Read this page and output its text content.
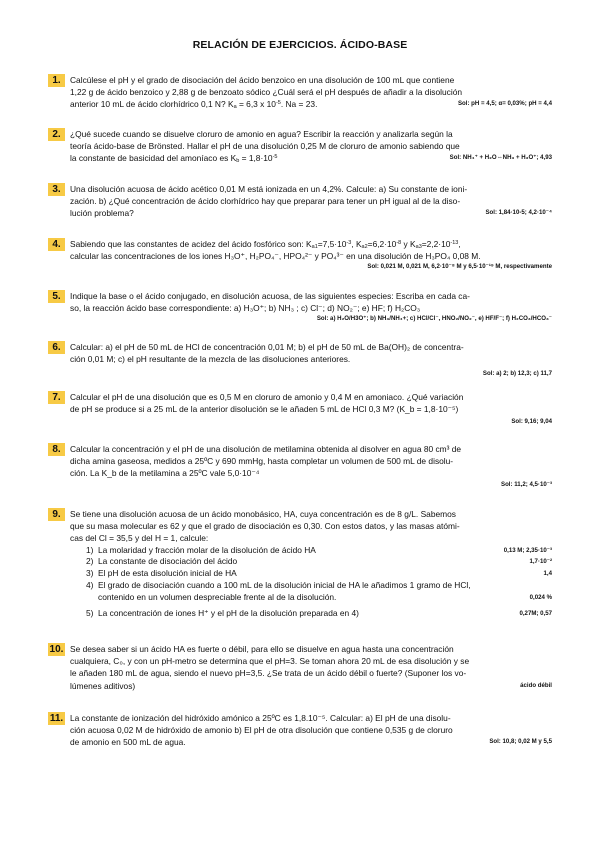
RELACIÓN DE EJERCICIOS. ÁCIDO-BASE
1.	Calcúlese el pH y el grado de disociación del ácido benzoico en una disolución de 100 mL que contiene
1,22 g de ácido benzoico y 2,88 g de benzoato sódico ¿Cuál será el pH después de añadir a la disolución
Sol: pH = 4,5; α= 0,03%; pH = 4,4
anterior 10 mL de ácido clorhídrico 0,1 N? $K_a = 6,3$ x $10^{-5}$. Na = 23.
2.	¿Qué sucede cuando se disuelve cloruro de amonio en agua? Escribir la reacción y analizarla según la
teoría ácido-base de Brönsted. Hallar el pH de una disolución 0,25 M de cloruro de amonio sabiendo que
Sol: NH₄⁺ + H₂O⇔NH₃ + H₃O⁺; 4,93
la constante de basicidad del amoníaco es $K_b = 1,8\cdot 10^{-5}$
3.	Una disolución acuosa de ácido acético 0,01 M está ionizada en un 4,2%. Calcule: a) Su constante de ioni-
zación. b) ¿Qué concentración de ácido clorhídrico hay que preparar para tener un pH igual al de la diso-
Sol: 1,84·10-5; 4,2·10⁻⁴
lución problema?
4.	Sabiendo que las constantes de acidez del ácido fosfórico son: $K_{a1}=7,5\cdot 10^{-3}$, $K_{a2}=6,2\cdot 10^{-8}$ y $K_{a3}=2,2\cdot 10^{-13}$,
calcular las concentraciones de los iones H₃O⁺, H₂PO₄⁻, HPO₄²⁻ y PO₄³⁻ en una disolución de H₃PO₄ 0,08 M.
Sol: 0,021 M, 0,021 M, 6,2·10⁻⁸ M y 6,5·10⁻¹⁹ M, respectivamente
5.	Indique la base o el ácido conjugado, en disolución acuosa, de las siguientes especies: Escriba en cada ca-
so, la reacción ácido base correspondiente: a) H₃O⁺; b) NH₃ ; c) Cl⁻; d) NO₂⁻; e) HF; f) H₂CO₃
Sol: a) H₂O/H3O⁺; b) NH₃/NH₄+; c) HCl/Cl⁻, HNO₂/NO₂⁻, e) HF/F⁻; f) H₂CO₃/HCO₃⁻
6.	Calcular: a) el pH de 50 mL de HCl de concentración 0,01 M; b) el pH de 50 mL de Ba(OH)₂ de concentra-
ción 0,01 M; c) el pH resultante de la mezcla de las disoluciones anteriores.
Sol: a) 2; b) 12,3; c) 11,7
7.	Calcular el pH de una disolución que es 0,5 M en cloruro de amonio y 0,4 M en amoniaco. ¿Qué variación
de pH se produce si a 25 mL de la anterior disolución se le añaden 5 mL de HCl 0,3 M? (K_b = 1,8·10⁻⁵)
Sol: 9,16; 9,04
8.	Calcular la concentración y el pH de una disolución de metilamina obtenida al disolver en agua 80 cm³ de
dicha amina gaseosa, medidos a 25ºC y 690 mmHg, hasta completar un volumen de 500 mL de disolu-
ción. La K_b de la metilamina a 25ºC vale 5,0·10⁻⁴
Sol: 11,2; 4,5·10⁻³
9.	Se tiene una disolución acuosa de un ácido monobásico, HA, cuya concentración es de 8 g/L. Sabemos
que su masa molecular es 62 y que el grado de disociación es 0,30. Con estos datos, y las masas atómi-
cas del Cl = 35,5 y del H = 1, calcule:
1) La molaridad y fracción molar de la disolución de ácido HA	0,13 M; 2,35·10⁻³
2) La constante de disociación del ácido	1,7·10⁻²
3) El pH de esta disolución inicial de HA	1,4
4) El grado de disociación cuando a 100 mL de la disolución inicial de HA le añadimos 1 gramo de HCl,
contenido en un volumen despreciable frente al de la disolución.	0,024 %
5) La concentración de iones H⁺ y el pH de la disolución preparada en 4)	0,27M; 0,57
10. Se desea saber si un ácido HA es fuerte o débil, para ello se disuelve en agua hasta una concentración
cualquiera, C₀, y con un pH-metro se determina que el pH=3. Se toman ahora 20 mL de esa disolución y se
le añaden 180 mL de agua, siendo el nuevo pH=3,5. ¿Se trata de un ácido débil o fuerte? (Suponer los vo-
ácido débil
lúmenes aditivos)
11. La constante de ionización del hidróxido amónico a 25ºC es 1,8.10⁻⁵. Calcular: a) El pH de una disolu-
ción acuosa 0,02 M de hidróxido de amonio b) El pH de otra disolución que contiene 0,535 g de cloruro
Sol: 10,8; 0,02 M y 5,5
de amonio en 500 mL de agua.
